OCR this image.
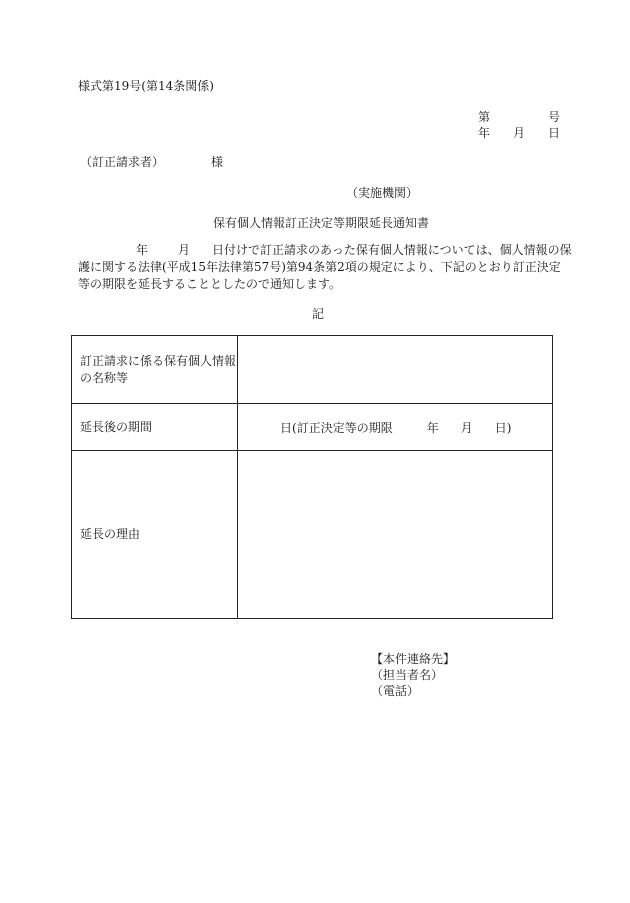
様式第19号(第14条関係)
第	号
年 月 日
（訂正請求者）	様
（実施機関）
保有個人情報訂正決定等期限延長通知書
年	月 日付けで訂正請求のあった保有個人情報については、個人情報の保
護に関する法律(平成15年法律第57号)第94条第2項の規定により、下記のとおり訂正決定
等の期限を延長することとしたので通知します。
記
訂正請求に係る保有個人情報
の名称等	

延長後の期間	日(訂正決定等の期限 年 月 日)
延長の理由	
【本件連絡先】
（担当者名）
（電話）
